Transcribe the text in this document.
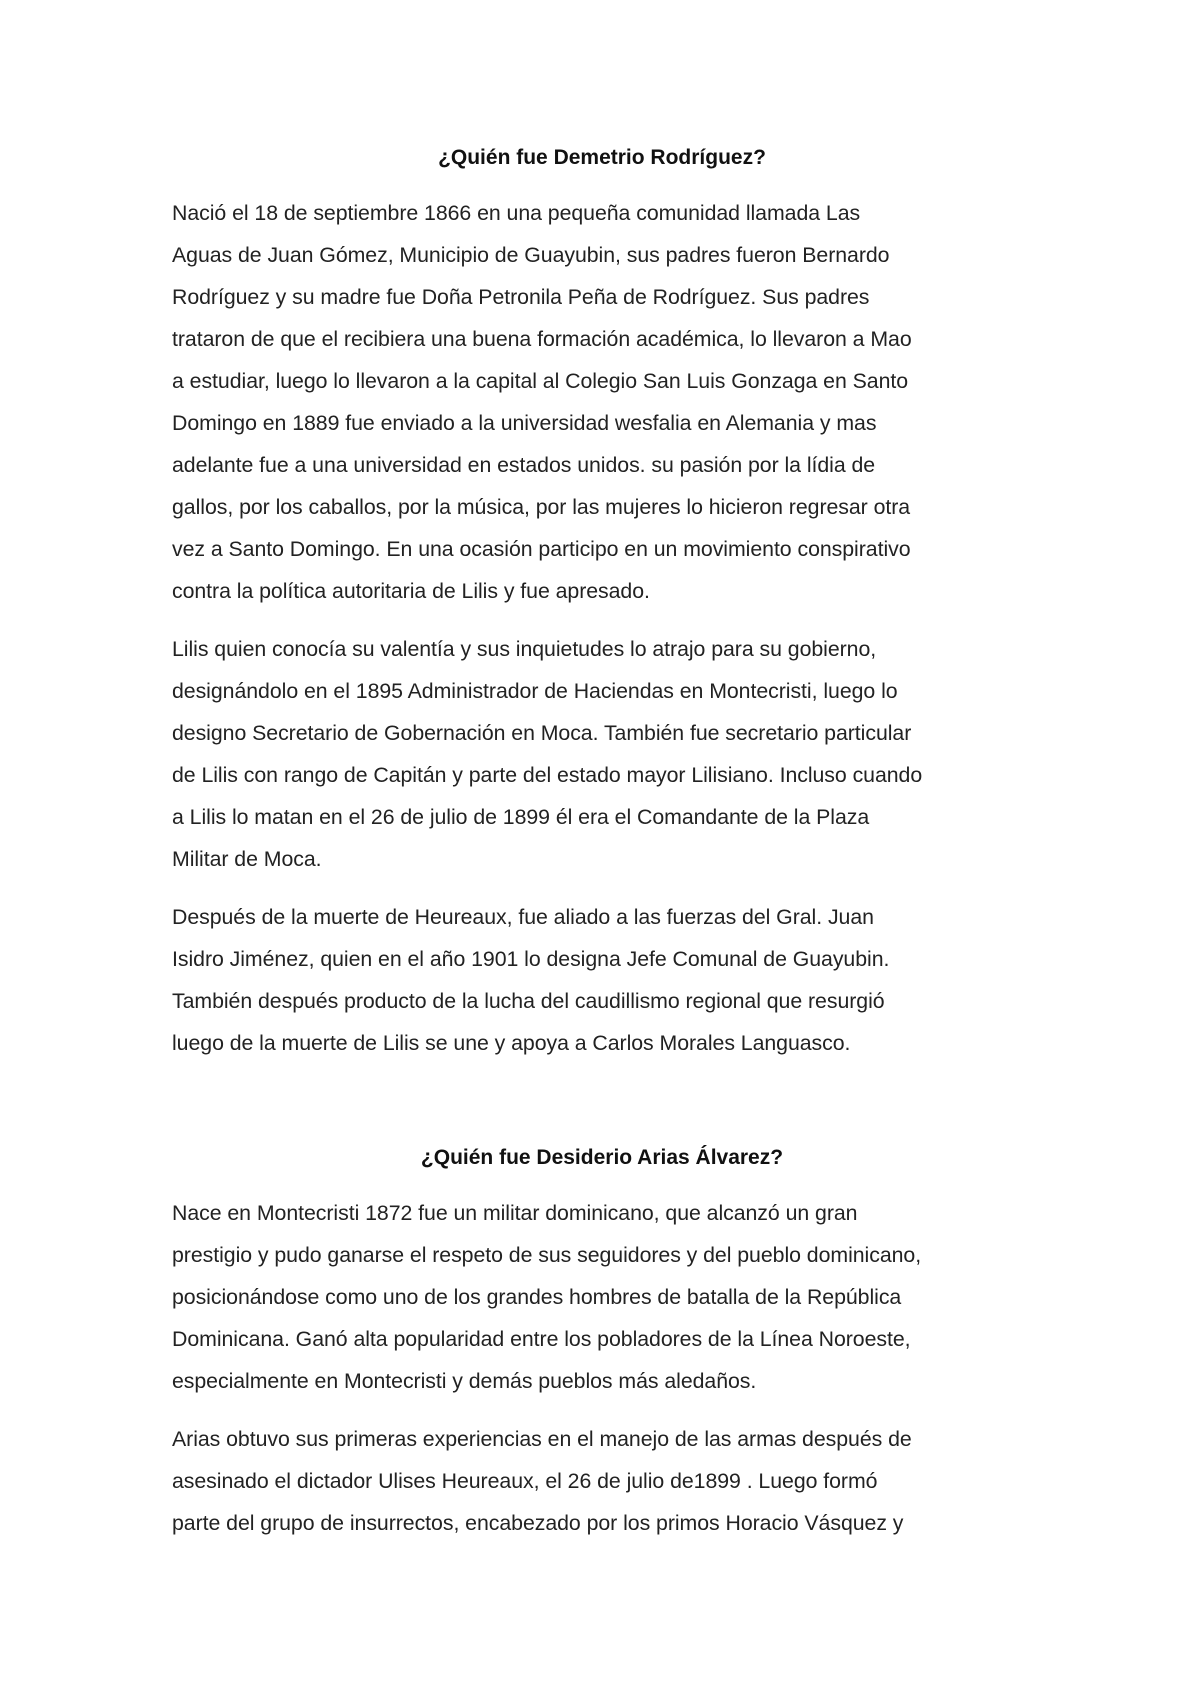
¿Quién fue Demetrio Rodríguez?

Nació el 18 de septiembre 1866 en una pequeña comunidad llamada Las
Aguas de Juan Gómez, Municipio de Guayubin, sus padres fueron Bernardo
Rodríguez y su madre fue Doña Petronila Peña de Rodríguez. Sus padres
trataron de que el recibiera una buena formación académica, lo llevaron a Mao
a estudiar, luego lo llevaron a la capital al Colegio San Luis Gonzaga en Santo
Domingo en 1889 fue enviado a la universidad wesfalia en Alemania y mas
adelante fue a una universidad en estados unidos. su pasión por la lídia de
gallos, por los caballos, por la música, por las mujeres lo hicieron regresar otra
vez a Santo Domingo. En una ocasión participo en un movimiento conspirativo
contra la política autoritaria de Lilis y fue apresado.

Lilis quien conocía su valentía y sus inquietudes lo atrajo para su gobierno,
designándolo en el 1895 Administrador de Haciendas en Montecristi, luego lo
designo Secretario de Gobernación en Moca. También fue secretario particular
de Lilis con rango de Capitán y parte del estado mayor Lilisiano. Incluso cuando
a Lilis lo matan en el 26 de julio de 1899 él era el Comandante de la Plaza
Militar de Moca.

Después de la muerte de Heureaux, fue aliado a las fuerzas del Gral. Juan
Isidro Jiménez, quien en el año 1901 lo designa Jefe Comunal de Guayubin.
También después producto de la lucha del caudillismo regional que resurgió
luego de la muerte de Lilis se une y apoya a Carlos Morales Languasco.

¿Quién fue Desiderio Arias Álvarez?

Nace en Montecristi 1872 fue un militar dominicano, que alcanzó un gran
prestigio y pudo ganarse el respeto de sus seguidores y del pueblo dominicano,
posicionándose como uno de los grandes hombres de batalla de la República
Dominicana. Ganó alta popularidad entre los pobladores de la Línea Noroeste,
especialmente en Montecristi y demás pueblos más aledaños.

Arias obtuvo sus primeras experiencias en el manejo de las armas después de
asesinado el dictador Ulises Heureaux, el 26 de julio de1899 . Luego formó
parte del grupo de insurrectos, encabezado por los primos Horacio Vásquez y
